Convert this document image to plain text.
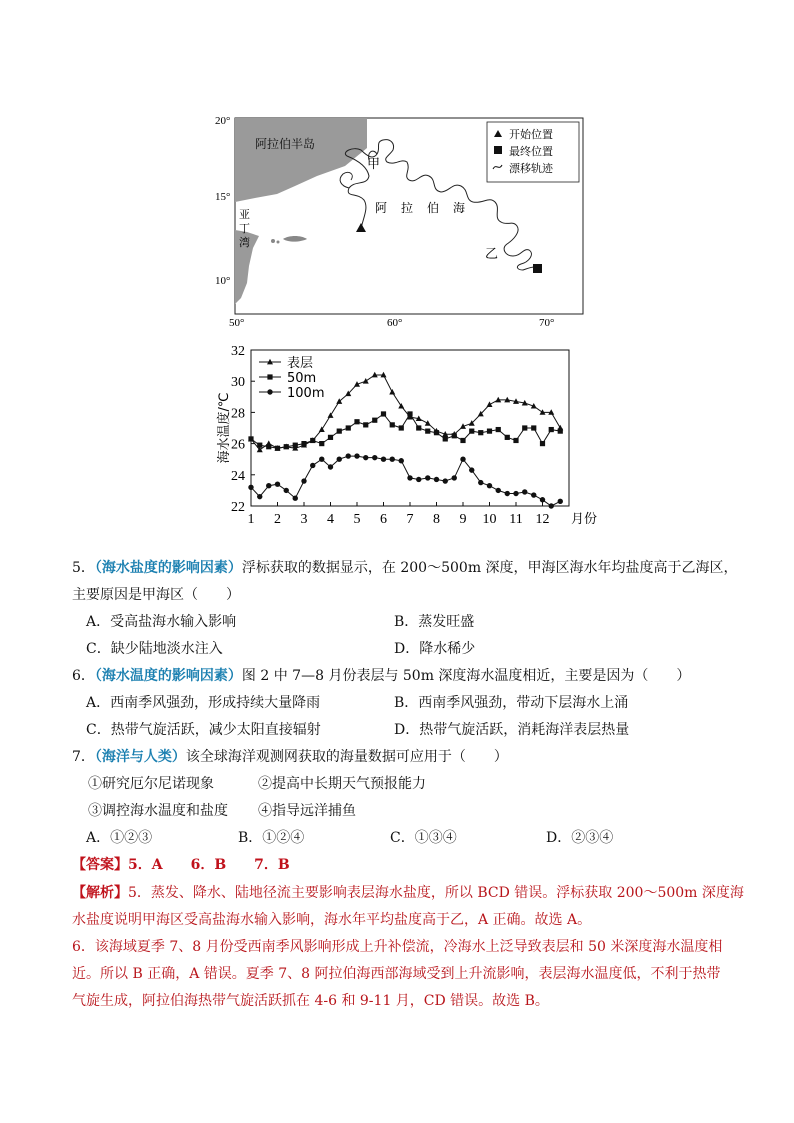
20°
15°
10°
50°	60°	70°
阿拉伯半岛
亚
丁
湾
阿 拉 伯 海
甲
乙
开始位置
最终位置
漂移轨迹
22
24
26
28
30
32
1 2 3 4 5 6 7 8 9 10 11 12 月份
海水温度/℃
表层
50m
100m
5．（海水盐度的影响因素）浮标获取的数据显示，在 200～500m 深度，甲海区海水年均盐度高于乙海区，
主要原因是甲海区（　　）
A．受高盐海水输入影响	B．蒸发旺盛
C．缺少陆地淡水注入	D．降水稀少
6．（海水温度的影响因素）图 2 中 7—8 月份表层与 50m 深度海水温度相近，主要是因为（　　）
A．西南季风强劲，形成持续大量降雨	B．西南季风强劲，带动下层海水上涌
C．热带气旋活跃，减少太阳直接辐射	D．热带气旋活跃，消耗海洋表层热量
7．（海洋与人类）该全球海洋观测网获取的海量数据可应用于（　　）
①研究厄尔尼诺现象	②提高中长期天气预报能力
③调控海水温度和盐度 ④指导远洋捕鱼
A．①②③	B．①②④	C．①③④	D．②③④
【答案】5．A　　6．B　　7．B
【解析】5．蒸发、降水、陆地径流主要影响表层海水盐度，所以 BCD 错误。浮标获取 200～500m 深度海
水盐度说明甲海区受高盐海水输入影响，海水年平均盐度高于乙，A 正确。故选 A。
6．该海域夏季 7、8 月份受西南季风影响形成上升补偿流，冷海水上泛导致表层和 50 米深度海水温度相
近。所以 B 正确，A 错误。夏季 7、8 阿拉伯海西部海域受到上升流影响，表层海水温度低，不利于热带
气旋生成，阿拉伯海热带气旋活跃抓在 4-6 和 9-11 月，CD 错误。故选 B。
